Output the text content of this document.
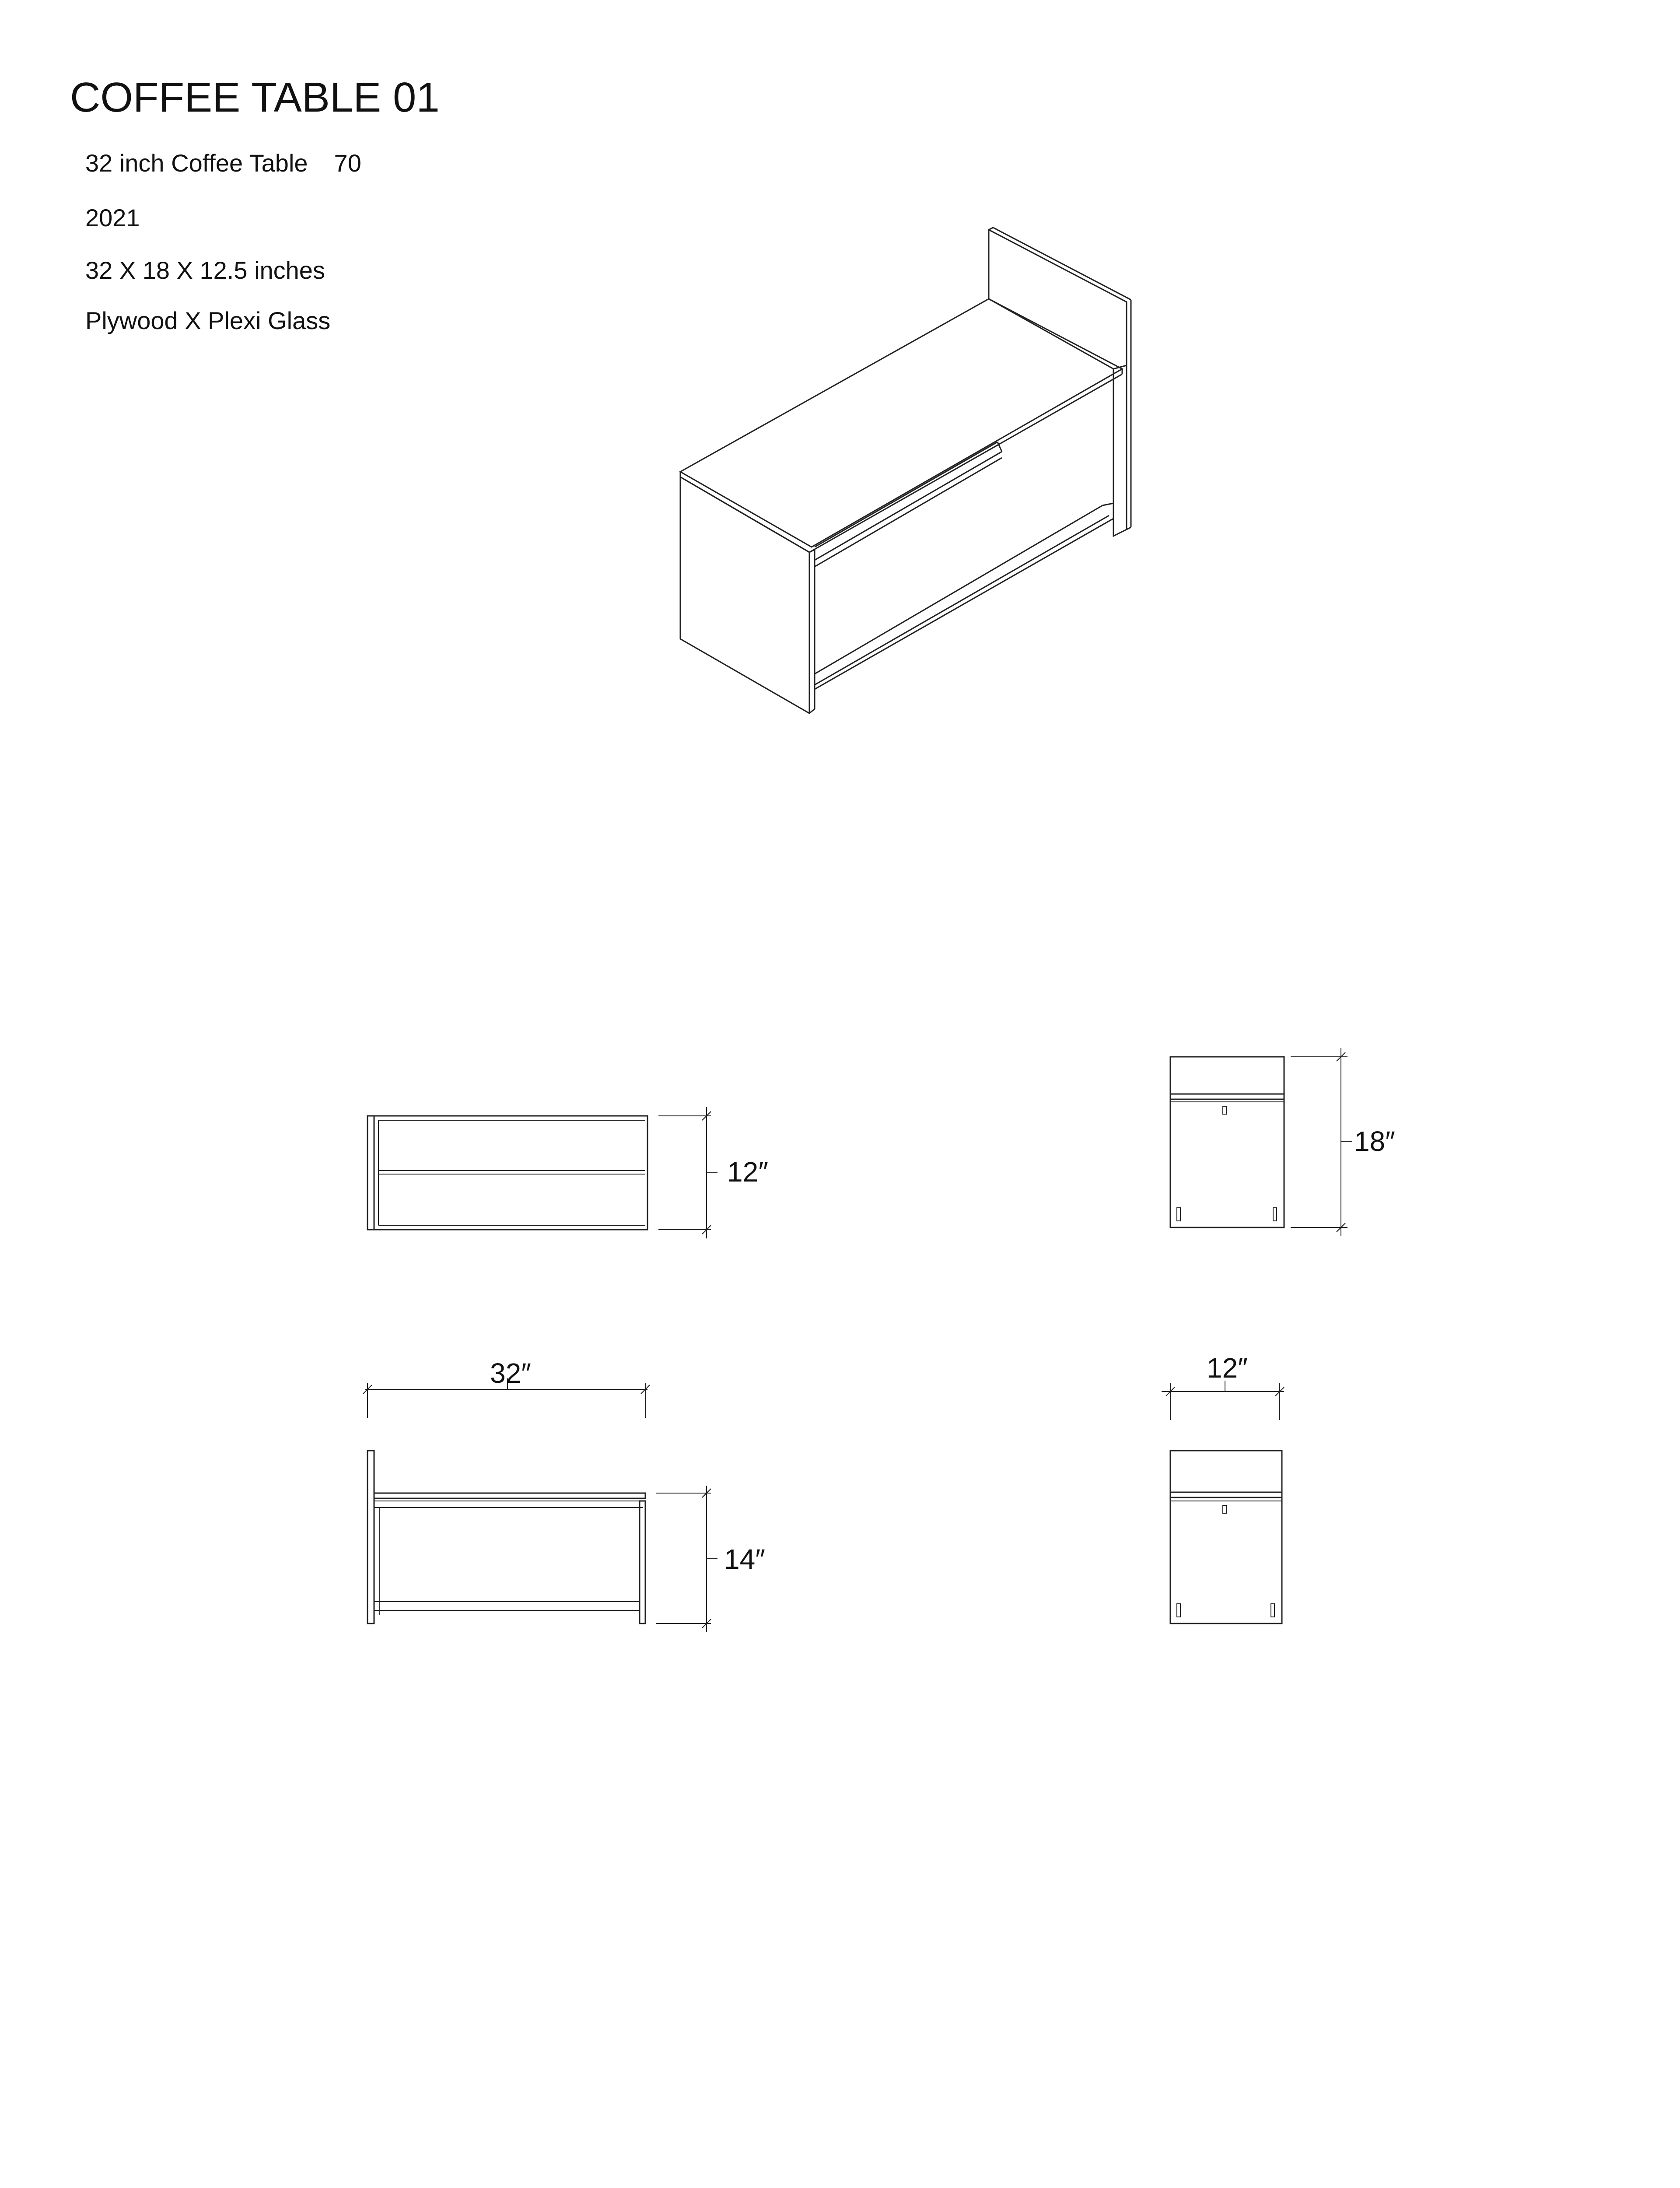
COFFEE TABLE 01
32 inch Coffee Table 70
2021
32 X 18 X 12.5 inches
Plywood X Plexi Glass
12″
18″
32″
14″
12″
